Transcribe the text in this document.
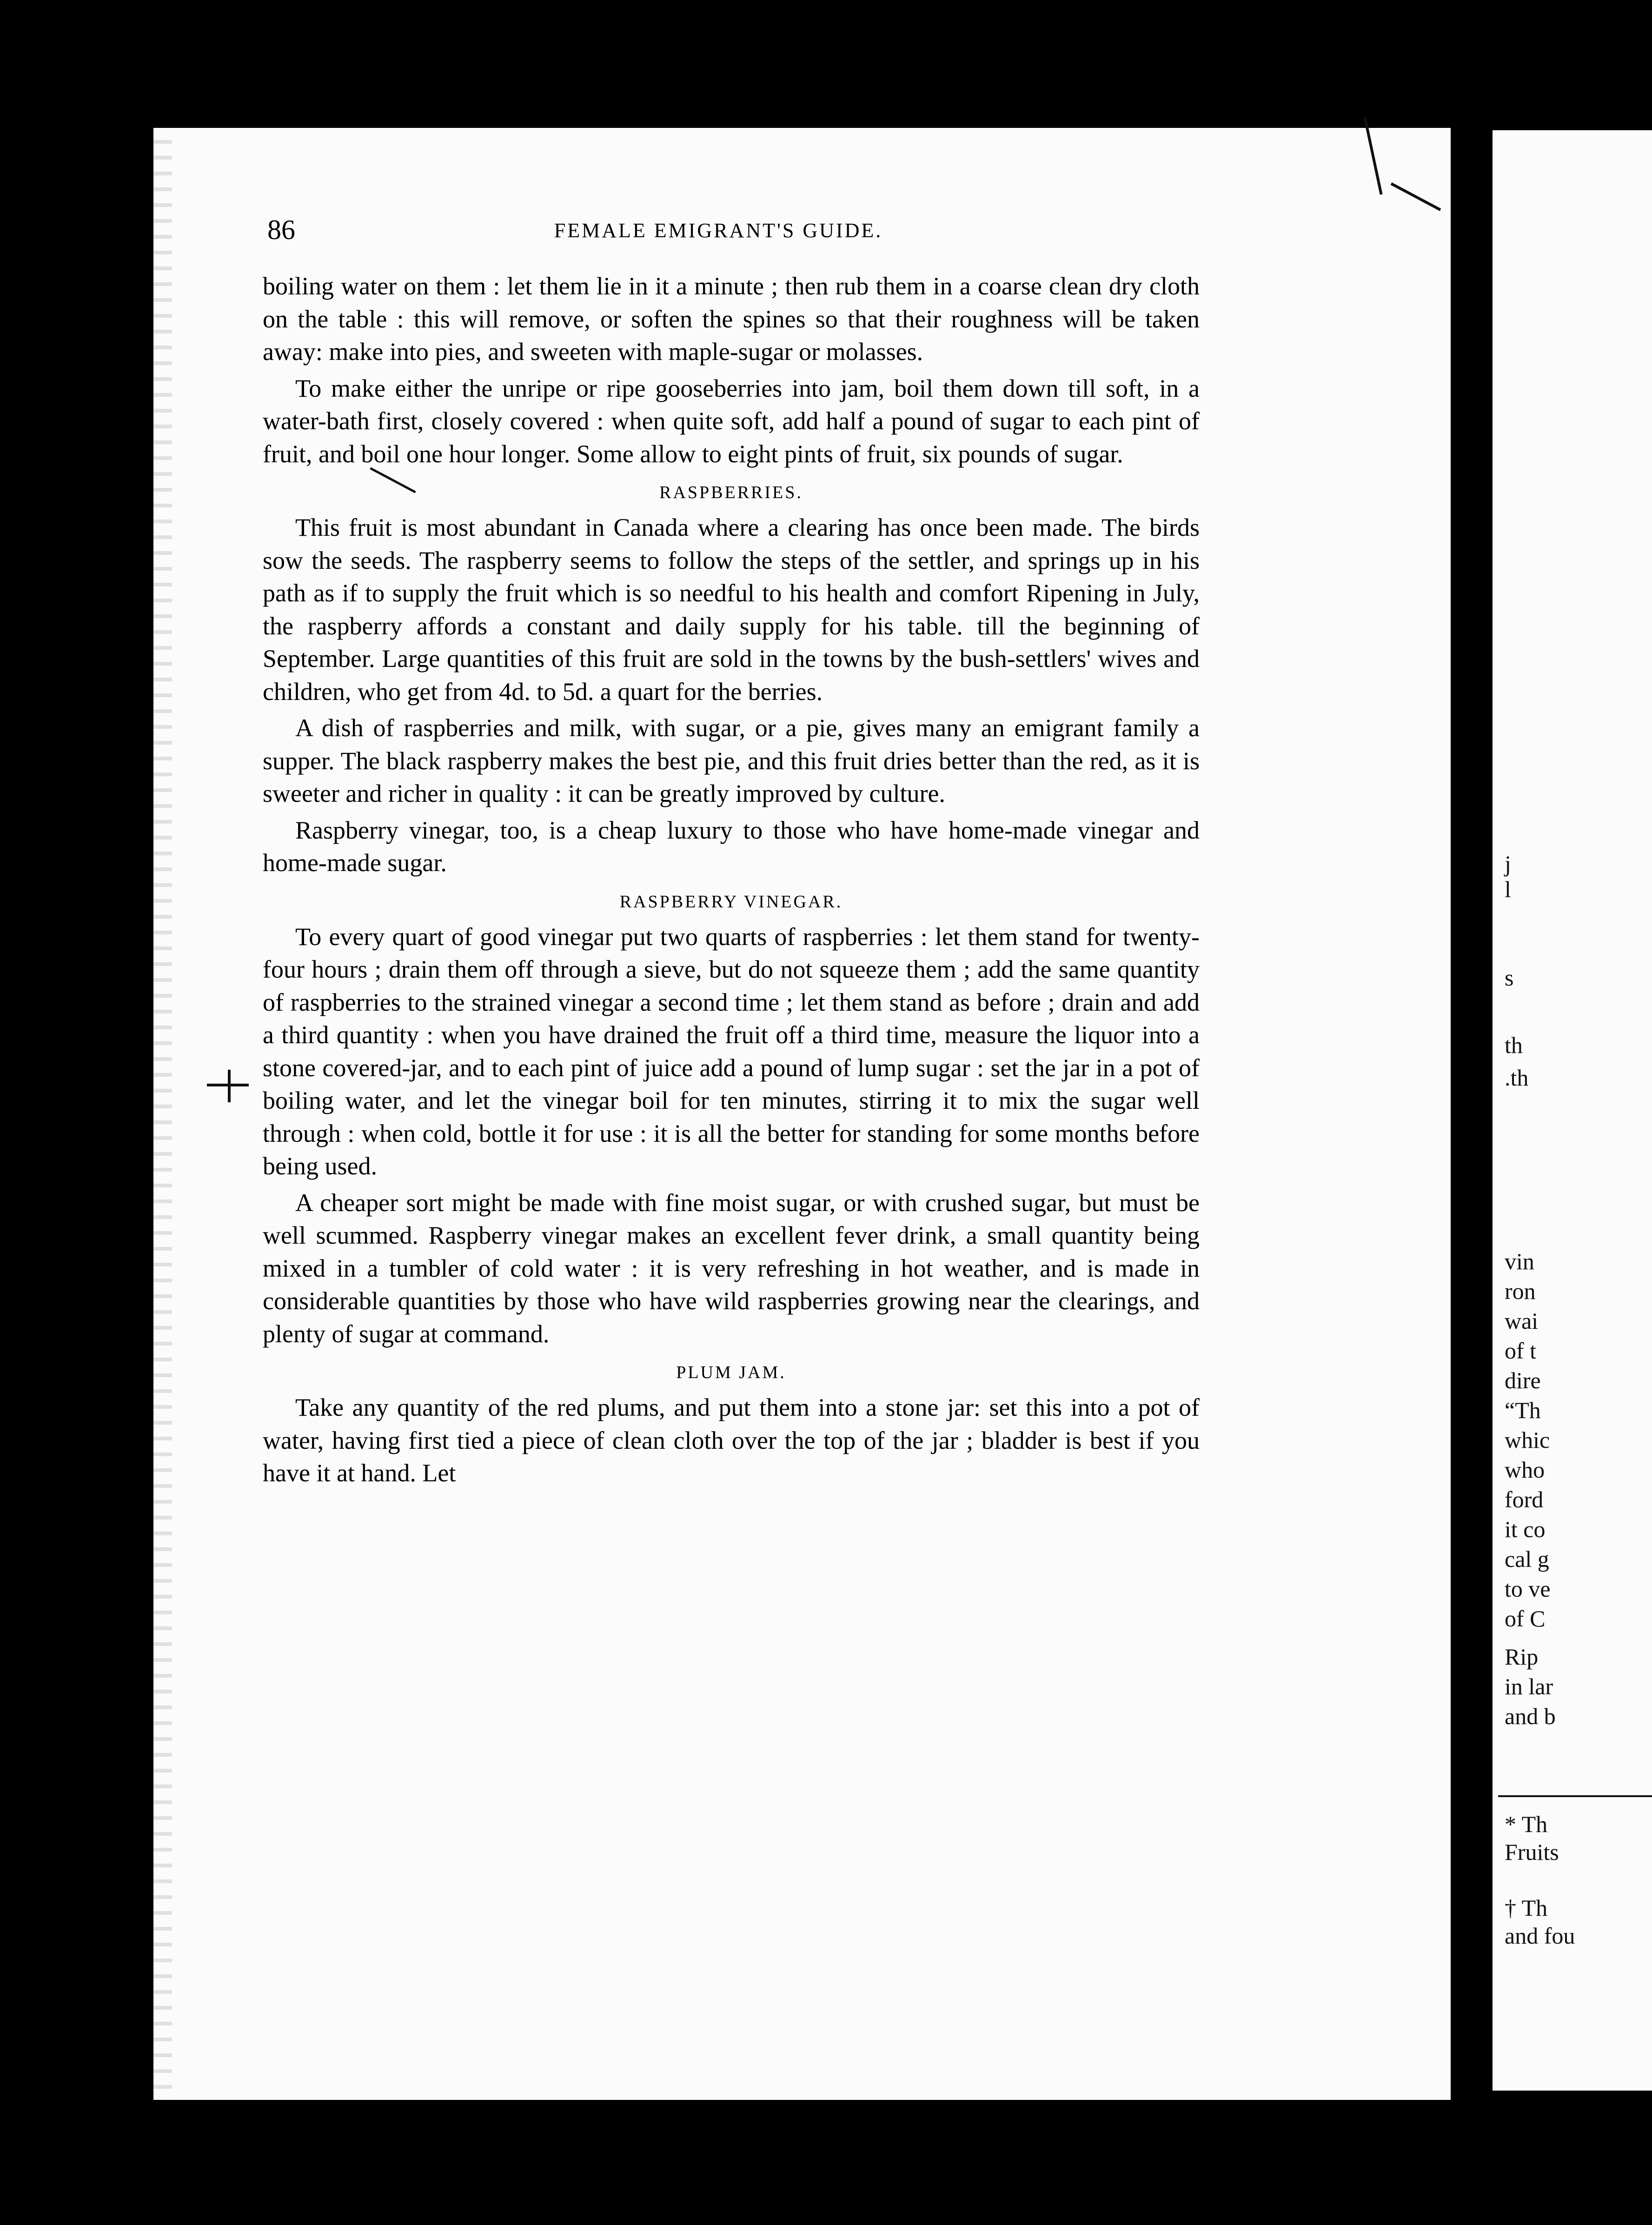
86	FEMALE EMIGRANT'S GUIDE.

boiling water on them : let them lie in it a minute ; then rub them in a coarse clean dry cloth on the table : this will remove, or soften the spines so that their roughness will be taken away: make into pies, and sweeten with maple-sugar or molasses.

To make either the unripe or ripe gooseberries into jam, boil them down till soft, in a water-bath first, closely covered : when quite soft, add half a pound of sugar to each pint of fruit, and boil one hour longer. Some allow to eight pints of fruit, six pounds of sugar.

RASPBERRIES.

This fruit is most abundant in Canada where a clearing has once been made. The birds sow the seeds. The raspberry seems to follow the steps of the settler, and springs up in his path as if to supply the fruit which is so needful to his health and comfort Ripening in July, the raspberry affords a constant and daily supply for his table. till the beginning of September. Large quantities of this fruit are sold in the towns by the bush-settlers' wives and children, who get from 4d. to 5d. a quart for the berries.

A dish of raspberries and milk, with sugar, or a pie, gives many an emigrant family a supper. The black raspberry makes the best pie, and this fruit dries better than the red, as it is sweeter and richer in quality : it can be greatly improved by culture.

Raspberry vinegar, too, is a cheap luxury to those who have home-made vinegar and home-made sugar.

RASPBERRY VINEGAR.

To every quart of good vinegar put two quarts of raspberries : let them stand for twenty-four hours ; drain them off through a sieve, but do not squeeze them ; add the same quantity of raspberries to the strained vinegar a second time ; let them stand as before ; drain and add a third quantity : when you have drained the fruit off a third time, measure the liquor into a stone covered-jar, and to each pint of juice add a pound of lump sugar : set the jar in a pot of boiling water, and let the vinegar boil for ten minutes, stirring it to mix the sugar well through : when cold, bottle it for use : it is all the better for standing for some months before being used.

A cheaper sort might be made with fine moist sugar, or with crushed sugar, but must be well scummed. Raspberry vinegar makes an excellent fever drink, a small quantity being mixed in a tumbler of cold water : it is very refreshing in hot weather, and is made in considerable quantities by those who have wild raspberries growing near the clearings, and plenty of sugar at command.

PLUM JAM.

Take any quantity of the red plums, and put them into a stone jar: set this into a pot of water, having first tied a piece of clean cloth over the top of the jar ; bladder is best if you have it at hand. Let

j
l
s
th
.th
vin
ron
wai
of t
dire
“Th
whic
who
ford
it co
cal g
to ve
of C
Rip
in lar
and b
* Th
Fruits
† Th
and fou
